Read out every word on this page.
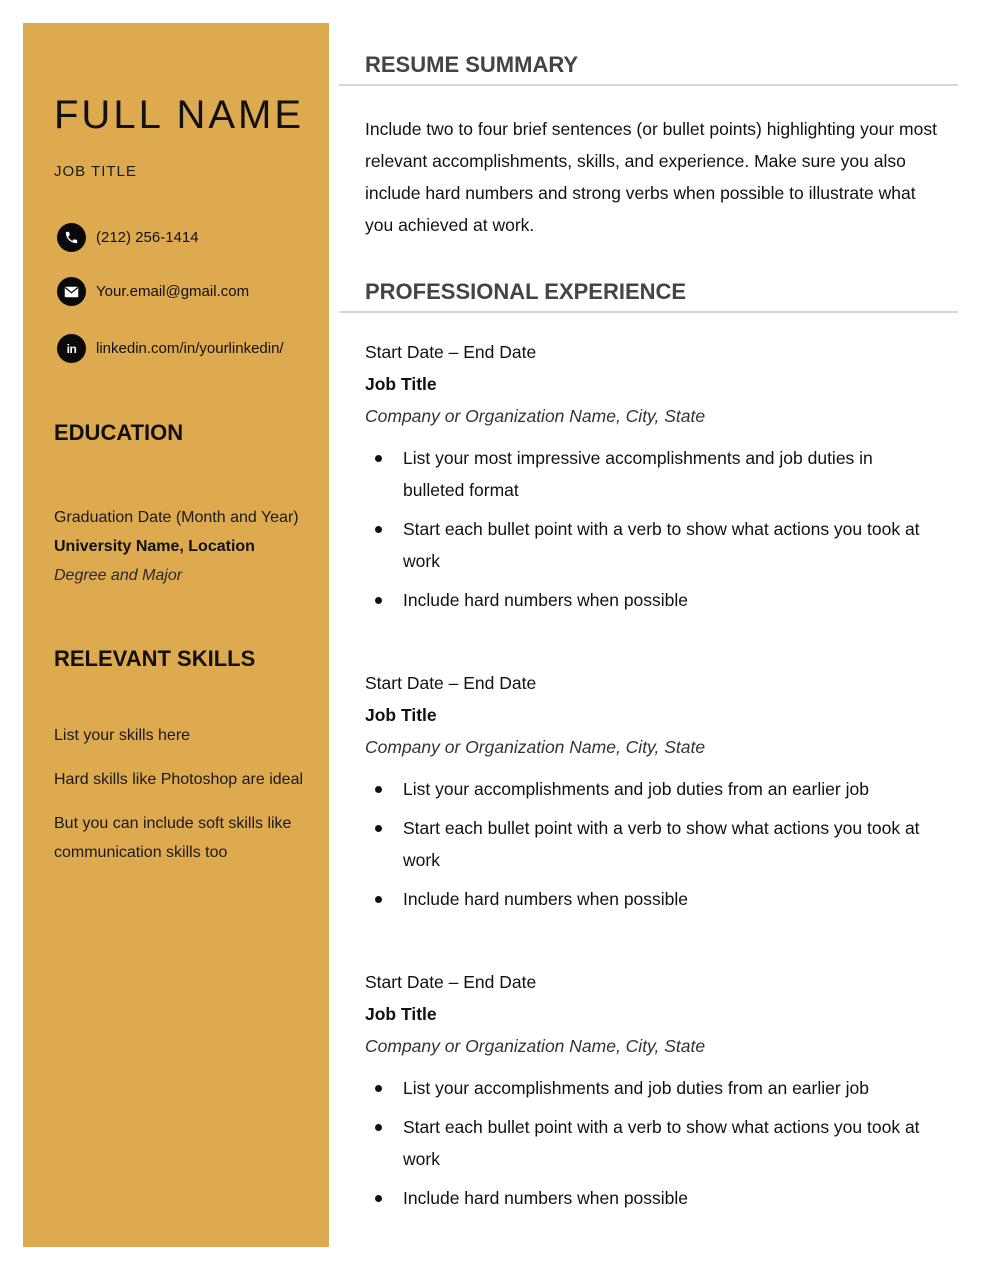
FULL NAME
JOB TITLE
(212) 256-1414
Your.email@gmail.com
in linkedin.com/in/yourlinkedin/
EDUCATION
Graduation Date (Month and Year)
University Name, Location
Degree and Major
RELEVANT SKILLS
List your skills here
Hard skills like Photoshop are ideal
But you can include soft skills like communication skills too
RESUME SUMMARY

Include two to four brief sentences (or bullet points) highlighting your most relevant accomplishments, skills, and experience. Make sure you also include hard numbers and strong verbs when possible to illustrate what you achieved at work.

PROFESSIONAL EXPERIENCE
Start Date – End Date
Job Title
Company or Organization Name, City, State
List your most impressive accomplishments and job duties in bulleted format
Start each bullet point with a verb to show what actions you took at work
Include hard numbers when possible
Start Date – End Date
Job Title
Company or Organization Name, City, State
List your accomplishments and job duties from an earlier job
Start each bullet point with a verb to show what actions you took at work
Include hard numbers when possible
Start Date – End Date
Job Title
Company or Organization Name, City, State
List your accomplishments and job duties from an earlier job
Start each bullet point with a verb to show what actions you took at work
Include hard numbers when possible
